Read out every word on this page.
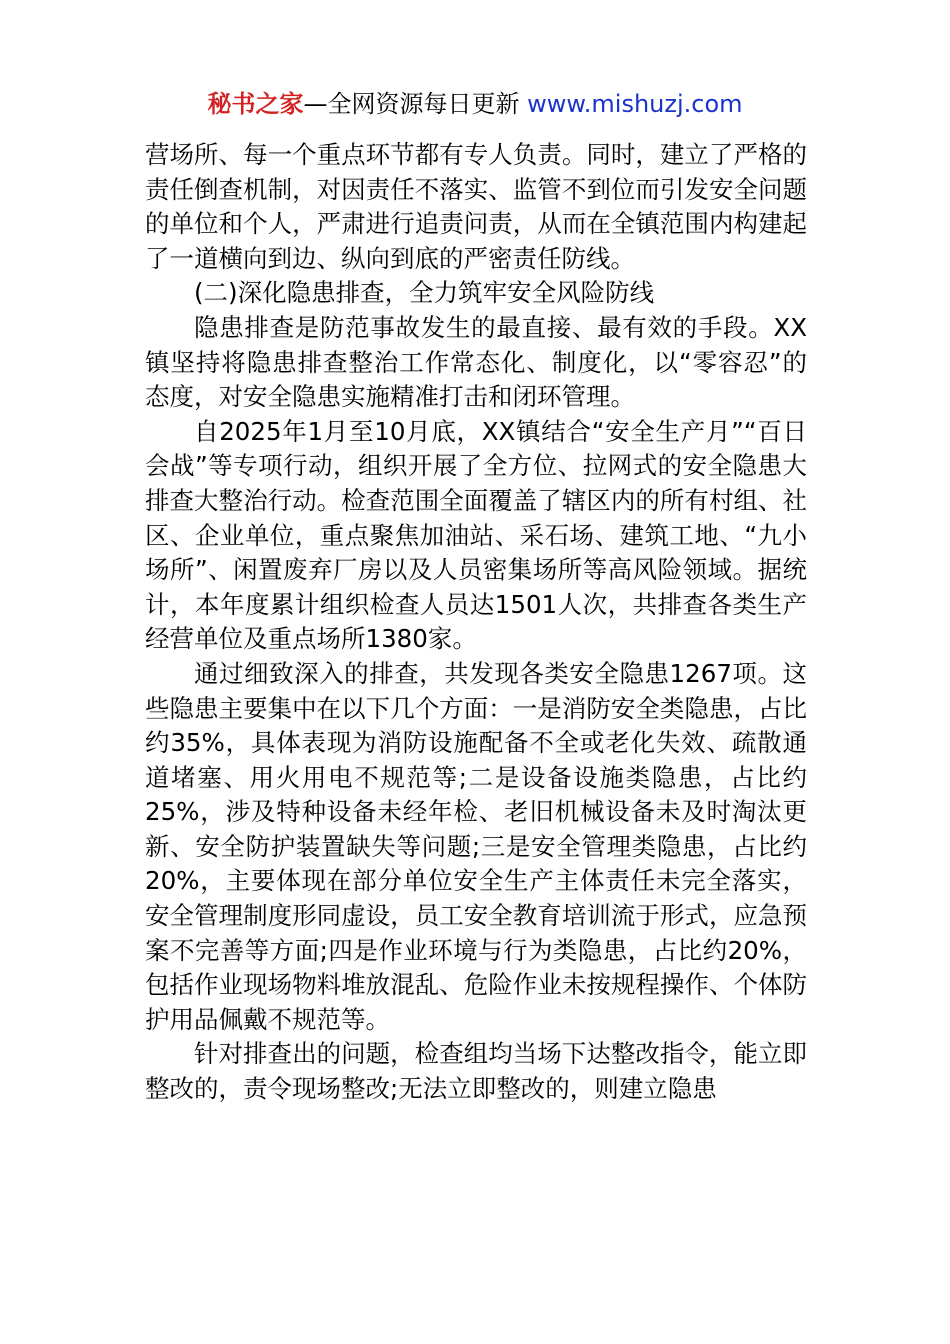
秘书之家—全网资源每日更新 www.mishuzj.com

营场所、每一个重点环节都有专人负责。同时，建立了严格的责任倒查机制，对因责任不落实、监管不到位而引发安全问题的单位和个人，严肃进行追责问责，从而在全镇范围内构建起了一道横向到边、纵向到底的严密责任防线。

(二)深化隐患排查，全力筑牢安全风险防线

隐患排查是防范事故发生的最直接、最有效的手段。XX镇坚持将隐患排查整治工作常态化、制度化，以“零容忍”的态度，对安全隐患实施精准打击和闭环管理。

自2025年1月至10月底，XX镇结合“安全生产月”“百日会战”等专项行动，组织开展了全方位、拉网式的安全隐患大排查大整治行动。检查范围全面覆盖了辖区内的所有村组、社区、企业单位，重点聚焦加油站、采石场、建筑工地、“九小场所”、闲置废弃厂房以及人员密集场所等高风险领域。据统计，本年度累计组织检查人员达1501人次，共排查各类生产经营单位及重点场所1380家。

通过细致深入的排查，共发现各类安全隐患1267项。这些隐患主要集中在以下几个方面：一是消防安全类隐患，占比约35%，具体表现为消防设施配备不全或老化失效、疏散通道堵塞、用火用电不规范等;二是设备设施类隐患，占比约25%，涉及特种设备未经年检、老旧机械设备未及时淘汰更新、安全防护装置缺失等问题;三是安全管理类隐患，占比约20%，主要体现在部分单位安全生产主体责任未完全落实，安全管理制度形同虚设，员工安全教育培训流于形式，应急预案不完善等方面;四是作业环境与行为类隐患，占比约20%，包括作业现场物料堆放混乱、危险作业未按规程操作、个体防护用品佩戴不规范等。

针对排查出的问题，检查组均当场下达整改指令，能立即整改的，责令现场整改;无法立即整改的，则建立隐患
